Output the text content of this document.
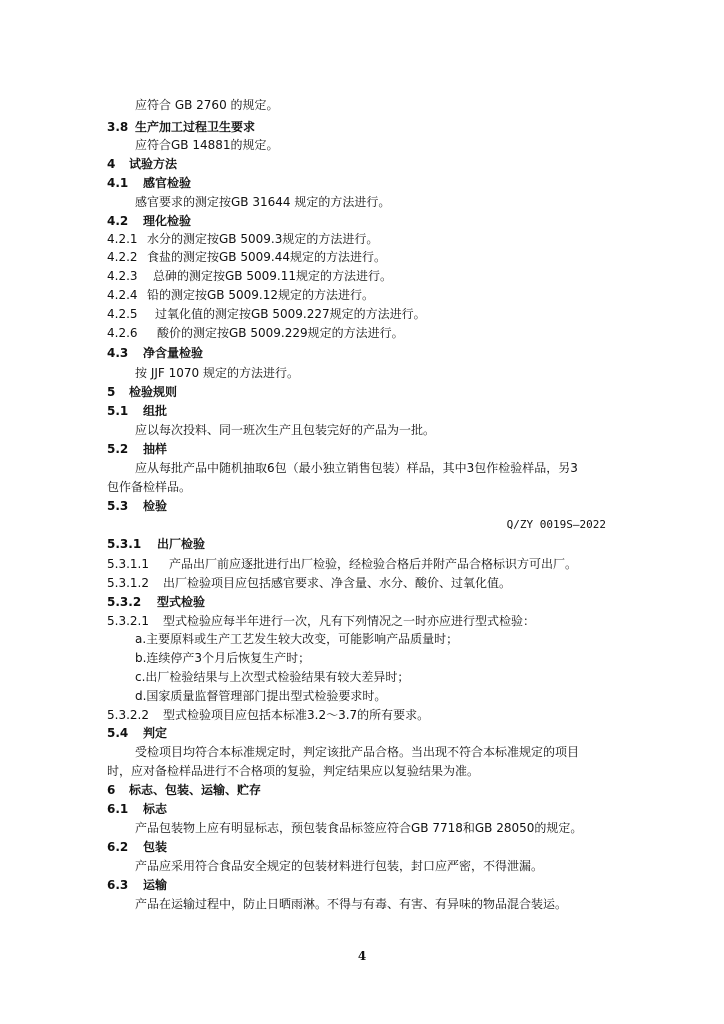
应符合 GB 2760 的规定。
3.8 生产加工过程卫生要求
应符合GB 14881的规定。
4 试验方法
4.1 感官检验
感官要求的测定按GB 31644 规定的方法进行。
4.2 理化检验
4.2.1 水分的测定按GB 5009.3规定的方法进行。
4.2.2 食盐的测定按GB 5009.44规定的方法进行。
4.2.3 总砷的测定按GB 5009.11规定的方法进行。
4.2.4 铅的测定按GB 5009.12规定的方法进行。
4.2.5 过氧化值的测定按GB 5009.227规定的方法进行。
4.2.6 酸价的测定按GB 5009.229规定的方法进行。
4.3 净含量检验
按 JJF 1070 规定的方法进行。
5 检验规则
5.1 组批
应以每次投料、同一班次生产且包装完好的产品为一批。
5.2 抽样
应从每批产品中随机抽取6包（最小独立销售包装）样品，其中3包作检验样品，另3
包作备检样品。
5.3 检验
Q/ZY 0019S—2022
5.3.1 出厂检验
5.3.1.1 产品出厂前应逐批进行出厂检验，经检验合格后并附产品合格标识方可出厂。
5.3.1.2 出厂检验项目应包括感官要求、净含量、水分、酸价、过氧化值。
5.3.2 型式检验
5.3.2.1 型式检验应每半年进行一次，凡有下列情况之一时亦应进行型式检验：
a.主要原料或生产工艺发生较大改变，可能影响产品质量时；
b.连续停产3个月后恢复生产时；
c.出厂检验结果与上次型式检验结果有较大差异时；
d.国家质量监督管理部门提出型式检验要求时。
5.3.2.2 型式检验项目应包括本标准3.2～3.7的所有要求。
5.4 判定
受检项目均符合本标准规定时，判定该批产品合格。当出现不符合本标准规定的项目
时，应对备检样品进行不合格项的复验，判定结果应以复验结果为准。
6 标志、包装、运输、贮存
6.1 标志
产品包装物上应有明显标志，预包装食品标签应符合GB 7718和GB 28050的规定。
6.2 包装
产品应采用符合食品安全规定的包装材料进行包装，封口应严密，不得泄漏。
6.3 运输
产品在运输过程中，防止日晒雨淋。不得与有毒、有害、有异味的物品混合装运。
4
